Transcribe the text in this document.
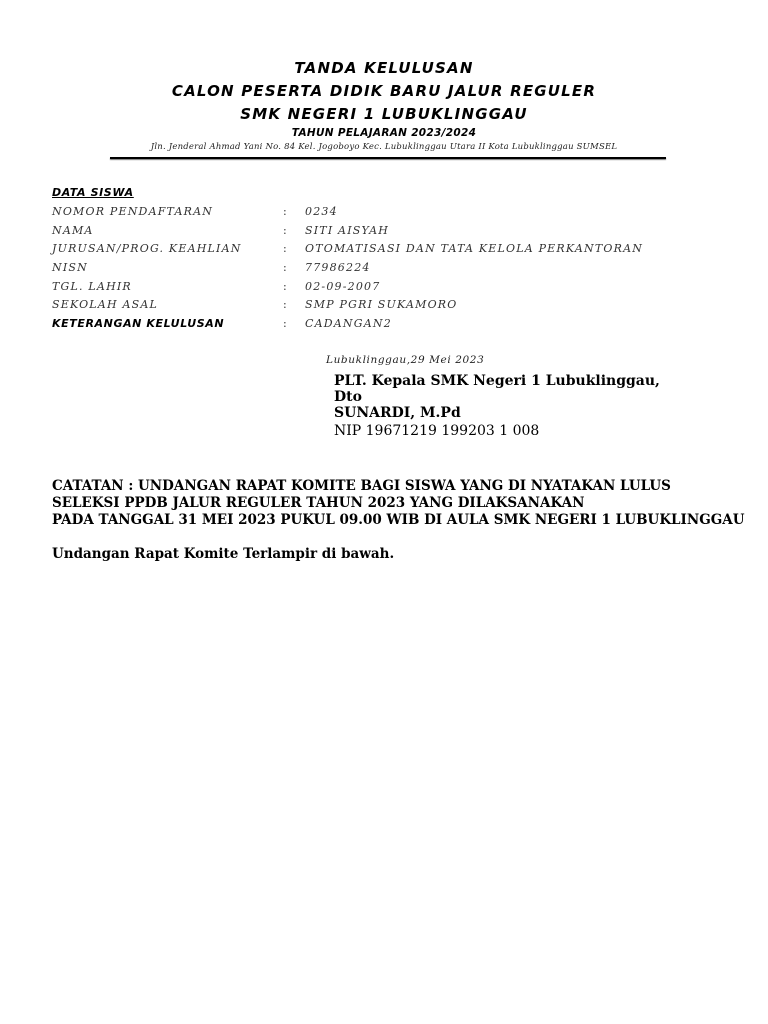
TANDA KELULUSAN
CALON PESERTA DIDIK BARU JALUR REGULER
SMK NEGERI 1 LUBUKLINGGAU
TAHUN PELAJARAN 2023/2024
Jln. Jenderal Ahmad Yani No. 84 Kel. Jogoboyo Kec. Lubuklinggau Utara II Kota Lubuklinggau SUMSEL
DATA SISWA
NOMOR PENDAFTARAN	: 0234
NAMA	: SITI AISYAH
JURUSAN/PROG. KEAHLIAN	: OTOMATISASI DAN TATA KELOLA PERKANTORAN
NISN	: 77986224
TGL. LAHIR	: 02-09-2007
SEKOLAH ASAL	: SMP PGRI SUKAMORO
KETERANGAN KELULUSAN	: CADANGAN2
Lubuklinggau,29 Mei 2023
PLT. Kepala SMK Negeri 1 Lubuklinggau,
Dto
SUNARDI, M.Pd
NIP 19671219 199203 1 008
CATATAN : UNDANGAN RAPAT KOMITE BAGI SISWA YANG DI NYATAKAN LULUS
SELEKSI PPDB JALUR REGULER TAHUN 2023 YANG DILAKSANAKAN
PADA TANGGAL 31 MEI 2023 PUKUL 09.00 WIB DI AULA SMK NEGERI 1 LUBUKLINGGAU
Undangan Rapat Komite Terlampir di bawah.
